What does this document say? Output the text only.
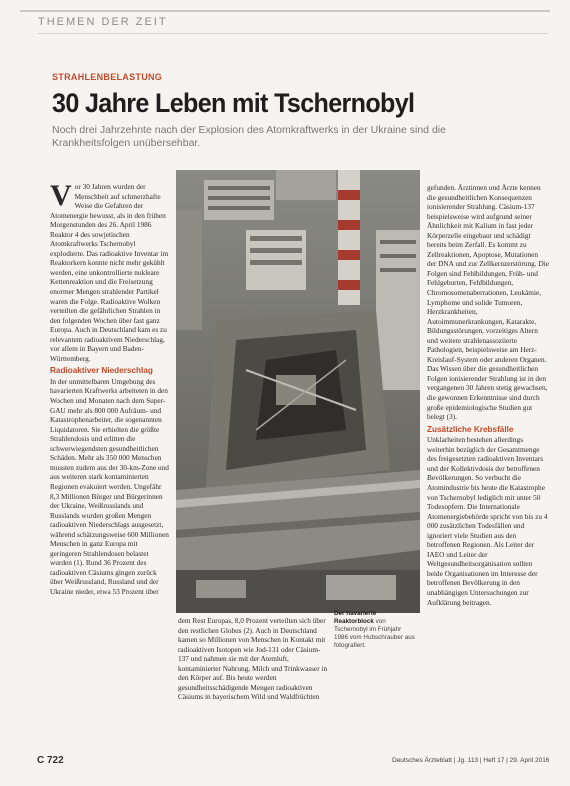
THEMEN DER ZEIT
STRAHLENBELASTUNG
30 Jahre Leben mit Tschernobyl
Noch drei Jahrzehnte nach der Explosion des Atomkraftwerks in der Ukraine sind die Krankheitsfolgen unübersehbar.

Vor 30 Jahren wurden der Menschheit auf schmerzhafte Weise die Gefahren der Atomenergie bewusst, als in den frühen Morgenstunden des 26. April 1986 Reaktor 4 des sowjetischen Atomkraftwerks Tschernobyl explodierte. Das radioaktive Inventar im Reaktorkern konnte nicht mehr gekühlt werden, eine unkontrollierte nukleare Kettenreaktion und die Freisetzung enormer Mengen strahlender Partikel waren die Folge. Radioaktive Wolken verteilten die gefährlichen Strahlen in den folgenden Wochen über fast ganz Europa. Auch in Deutschland kam es zu relevantem radioaktivem Niederschlag, vor allem in Bayern und Baden-Württemberg.

Radioaktiver Niederschlag

In der unmittelbaren Umgebung des havarierten Kraftwerks arbeiteten in den Wochen und Monaten nach dem Super-GAU mehr als 800 000 Aufräum- und Katastrophenarbeiter, die sogenannten Liquidatoren. Sie erhielten die größte Strahlendosis und erlitten die schwerwiegendsten gesundheitlichen Schäden. Mehr als 350 000 Menschen mussten zudem aus der 30-km-Zone und aus weiteren stark kontaminierten Regionen evakuiert werden. Ungefähr 8,3 Millionen Bürger und Bürgerinnen der Ukraine, Weißrusslands und Russlands wurden großen Mengen radioaktiven Niederschlags ausgesetzt, während schätzungsweise 600 Millionen Menschen in ganz Europa mit geringeren Strahlendosen belastet wurden (1). Rund 36 Prozent des radioaktiven Cäsiums gingen zurück über Weißrussland, Russland und der Ukraine nieder, etwa 53 Prozent über

dem Rest Europas, 8,0 Prozent verteilten sich über den restlichen Globus (2). Auch in Deutschland kamen so Millionen von Menschen in Kontakt mit radioaktiven Isotopen wie Jod-131 oder Cäsium-137 und nahmen sie mit der Atemluft, kontaminierter Nahrung, Milch und Trinkwasser in den Körper auf. Bis heute werden gesundheitsschädigende Mengen radioaktiven Cäsiums in bayerischem Wild und Waldfrüchten

gefunden. Ärztinnen und Ärzte kennen die gesundheitlichen Konsequenzen ionisierender Strahlung. Cäsium-137 beispielsweise wird aufgrund seiner Ähnlichkeit mit Kalium in fast jeder Körperzelle eingebaut und schädigt bereits beim Zerfall. Es kommt zu Zellreaktionen, Apoptose, Mutationen der DNA und zur Zellkernzerstörung. Die Folgen sind Fehlbildungen, Früh- und Fehlgeburten, Fehlbildungen, Chromosomenaberrationen, Leukämie, Lymphome und solide Tumoren, Herzkrankheiten, Autoimmunerkrankungen, Katarakte, Bildungsstörungen, vorzeitiges Altern und weitere strahlenassoziierte Pathologien, beispielsweise am Herz-Kreislauf-System oder anderen Organen. Das Wissen über die gesundheitlichen Folgen ionisierender Strahlung ist in den vergangenen 30 Jahren stetig gewachsen, die gewonnen Erkenntnisse sind durch große epidemiologische Studien gut belegt (3).

Zusätzliche Krebsfälle

Unklarheiten bestehen allerdings weiterhin bezüglich der Gesamtmenge des freigesetzten radioaktiven Inventars und der Kollektivdosis der betroffenen Bevölkerungen. So verbucht die Atomindustrie bis heute die Katastrophe von Tschernobyl lediglich mit unter 50 Todesopfern. Die Internationale Atomenergiebehörde spricht von bis zu 4 000 zusätzlichen Todesfällen und ignoriert viele Studien aus den betroffenen Regionen. Als Leiter der IAEO und Leiter der Weltgesundheitsorganisation sollten beide Organisationen im Interesse der betroffenen Bevölkerung in den unabhängigen Untersuchungen zur Aufklärung beitragen.

Der havarierte Reaktorblock von Tschernobyl im Frühjahr 1986 vom Hubschrauber aus fotografiert.
C 722	Deutsches Ärzteblatt | Jg. 113 | Heft 17 | 29. April 2016
